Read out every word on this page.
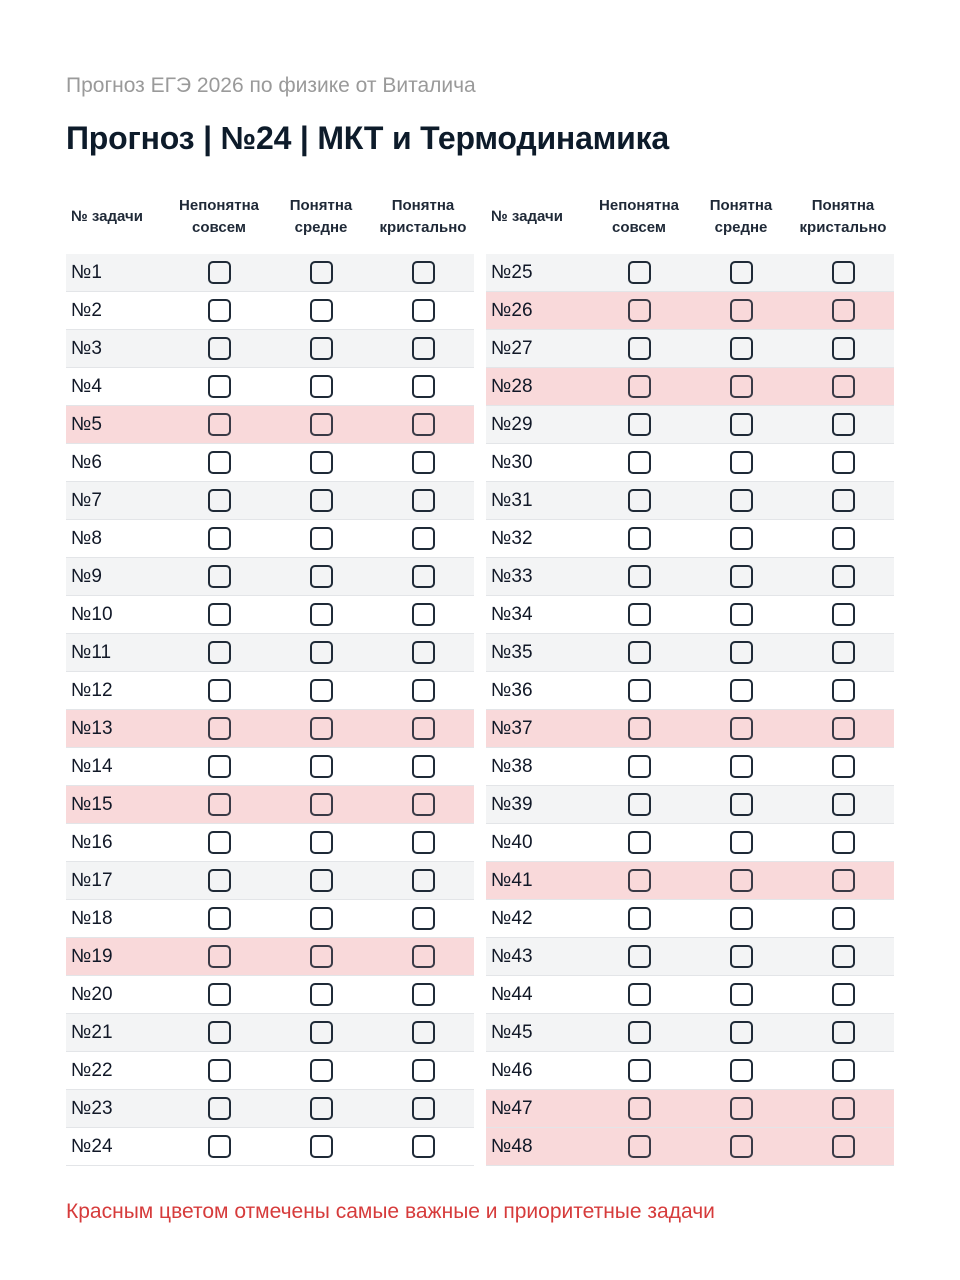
Прогноз ЕГЭ 2026 по физике от Виталича
Прогноз | №24 | МКТ и Термодинамика
№ задачи
Непонятна
совсем
Понятна
средне
Понятна
кристально
№1
№2
№3
№4
№5
№6
№7
№8
№9
№10
№11
№12
№13
№14
№15
№16
№17
№18
№19
№20
№21
№22
№23
№24
№ задачи
Непонятна
совсем
Понятна
средне
Понятна
кристально
№25
№26
№27
№28
№29
№30
№31
№32
№33
№34
№35
№36
№37
№38
№39
№40
№41
№42
№43
№44
№45
№46
№47
№48
Красным цветом отмечены самые важные и приоритетные задачи
